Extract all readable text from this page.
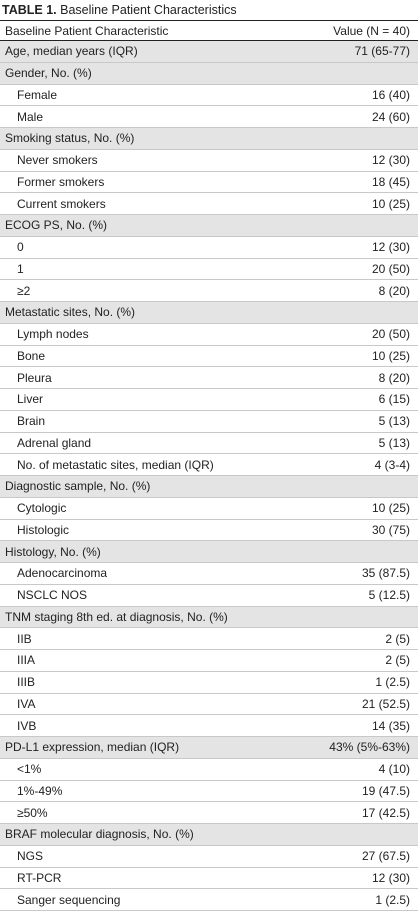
TABLE 1. Baseline Patient Characteristics
Baseline Patient Characteristic	Value (N = 40)
Age, median years (IQR)	71 (65-77)

Gender, No. (%)	

Female	16 (40)

Male	24 (60)

Smoking status, No. (%)	

Never smokers	12 (30)

Former smokers	18 (45)

Current smokers	10 (25)

ECOG PS, No. (%)	

0	12 (30)

1	20 (50)

≥2	8 (20)

Metastatic sites, No. (%)	

Lymph nodes	20 (50)

Bone	10 (25)

Pleura	8 (20)

Liver	6 (15)

Brain	5 (13)

Adrenal gland	5 (13)

No. of metastatic sites, median (IQR)	4 (3-4)

Diagnostic sample, No. (%)	

Cytologic	10 (25)

Histologic	30 (75)

Histology, No. (%)	

Adenocarcinoma	35 (87.5)

NSCLC NOS	5 (12.5)

TNM staging 8th ed. at diagnosis, No. (%)	

IIB	2 (5)

IIIA	2 (5)

IIIB	1 (2.5)

IVA	21 (52.5)

IVB	14 (35)

PD-L1 expression, median (IQR)	43% (5%-63%)

<1%	4 (10)

1%-49%	19 (47.5)

≥50%	17 (42.5)

BRAF molecular diagnosis, No. (%)	

NGS	27 (67.5)

RT-PCR	12 (30)

Sanger sequencing	1 (2.5)
